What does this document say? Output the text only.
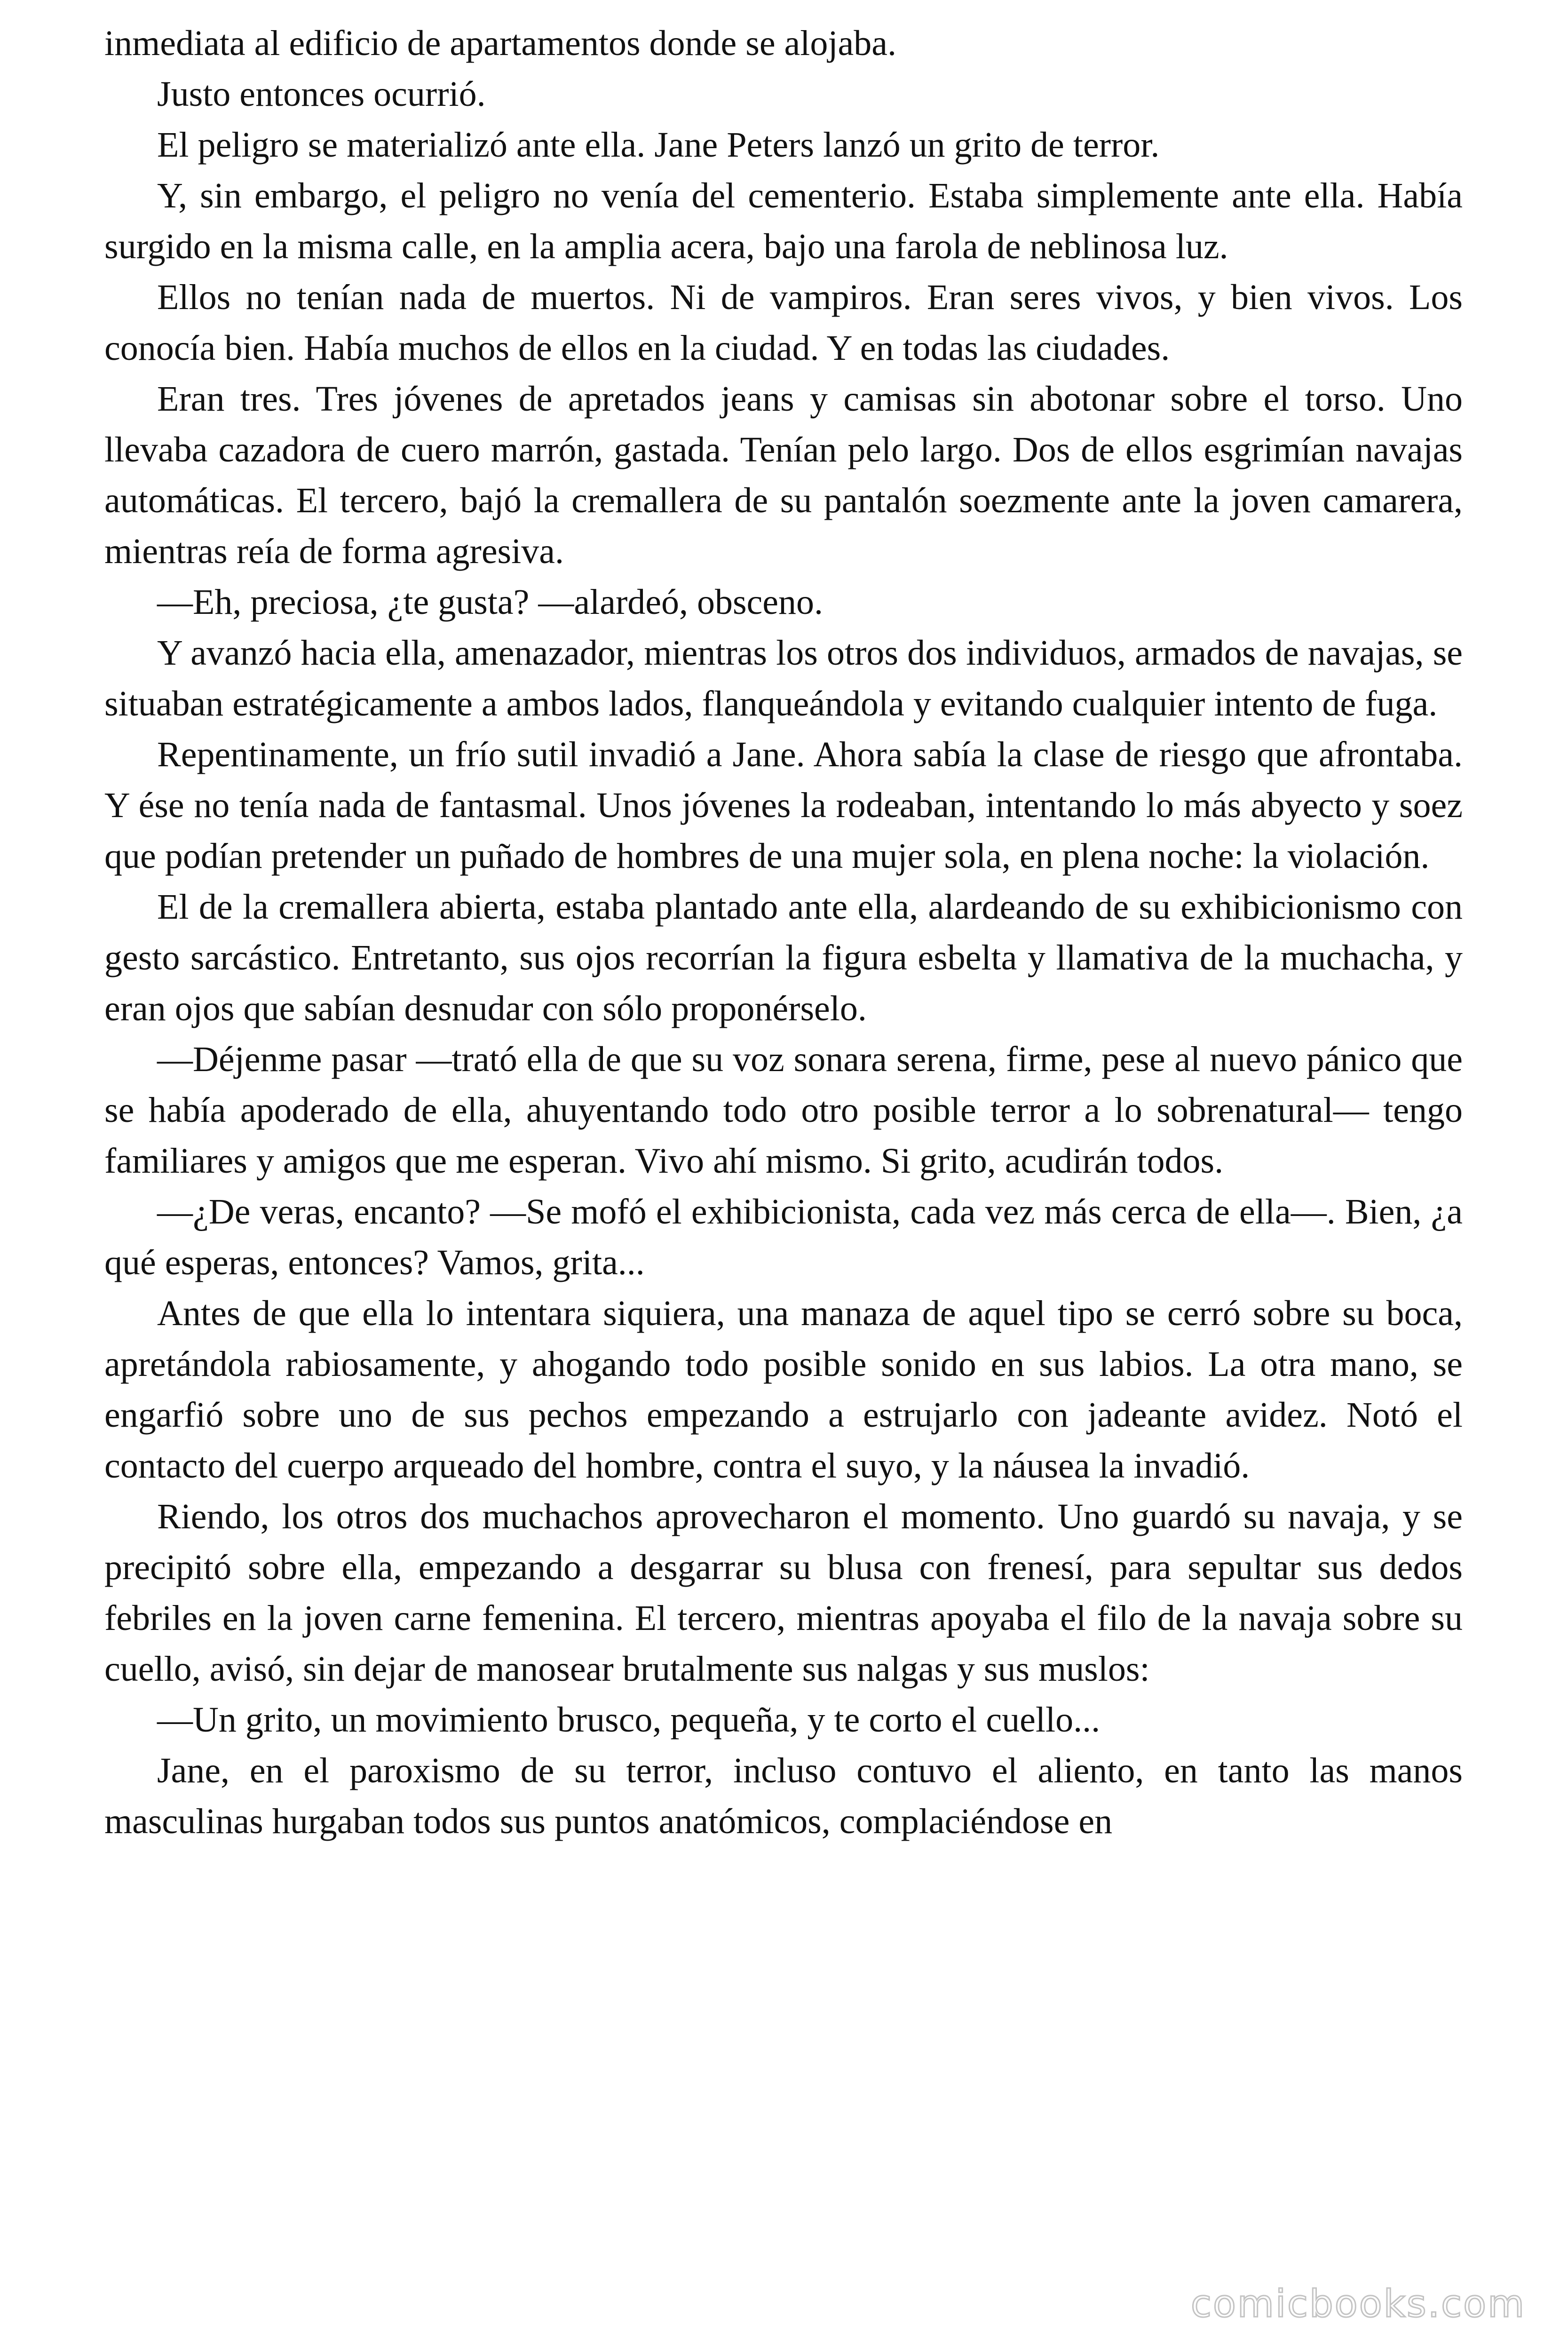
inmediata al edificio de apartamentos donde se alojaba.

Justo entonces ocurrió.

El peligro se materializó ante ella. Jane Peters lanzó un grito de terror.

Y, sin embargo, el peligro no venía del cementerio. Estaba simplemente ante ella. Había surgido en la misma calle, en la amplia acera, bajo una farola de neblinosa luz.

Ellos no tenían nada de muertos. Ni de vampiros. Eran seres vivos, y bien vivos. Los conocía bien. Había muchos de ellos en la ciudad. Y en todas las ciudades.

Eran tres. Tres jóvenes de apretados jeans y camisas sin abotonar sobre el torso. Uno llevaba cazadora de cuero marrón, gastada. Tenían pelo largo. Dos de ellos esgrimían navajas automáticas. El tercero, bajó la cremallera de su pantalón soezmente ante la joven camarera, mientras reía de forma agresiva.

—Eh, preciosa, ¿te gusta? —alardeó, obsceno.

Y avanzó hacia ella, amenazador, mientras los otros dos individuos, armados de navajas, se situaban estratégicamente a ambos lados, flanqueándola y evitando cualquier intento de fuga.

Repentinamente, un frío sutil invadió a Jane. Ahora sabía la clase de riesgo que afrontaba. Y ése no tenía nada de fantasmal. Unos jóvenes la rodeaban, intentando lo más abyecto y soez que podían pretender un puñado de hombres de una mujer sola, en plena noche: la violación.

El de la cremallera abierta, estaba plantado ante ella, alardeando de su exhibicionismo con gesto sarcástico. Entretanto, sus ojos recorrían la figura esbelta y llamativa de la muchacha, y eran ojos que sabían desnudar con sólo proponérselo.

—Déjenme pasar —trató ella de que su voz sonara serena, firme, pese al nuevo pánico que se había apoderado de ella, ahuyentando todo otro posible terror a lo sobrenatural— tengo familiares y amigos que me esperan. Vivo ahí mismo. Si grito, acudirán todos.

—¿De veras, encanto? —Se mofó el exhibicionista, cada vez más cerca de ella—. Bien, ¿a qué esperas, entonces? Vamos, grita...

Antes de que ella lo intentara siquiera, una manaza de aquel tipo se cerró sobre su boca, apretándola rabiosamente, y ahogando todo posible sonido en sus labios. La otra mano, se engarfió sobre uno de sus pechos empezando a estrujarlo con jadeante avidez. Notó el contacto del cuerpo arqueado del hombre, contra el suyo, y la náusea la invadió.

Riendo, los otros dos muchachos aprovecharon el momento. Uno guardó su navaja, y se precipitó sobre ella, empezando a desgarrar su blusa con frenesí, para sepultar sus dedos febriles en la joven carne femenina. El tercero, mientras apoyaba el filo de la navaja sobre su cuello, avisó, sin dejar de manosear brutalmente sus nalgas y sus muslos:

—Un grito, un movimiento brusco, pequeña, y te corto el cuello...

Jane, en el paroxismo de su terror, incluso contuvo el aliento, en tanto las manos masculinas hurgaban todos sus puntos anatómicos, complaciéndose en

comicbooks.com
